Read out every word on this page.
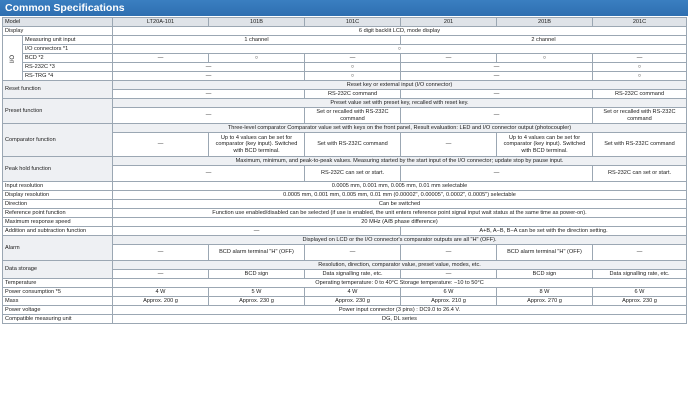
Common Specifications
Model		LT20A-101	101B	101C	201	201B	201C
Display		6 digit backlit LCD, mode display					
I/O	Measuring unit input	1 channel			2 channel		
	I/O connectors *1	○					
	BCD *2	—	○	—	—	○	—
	RS-232C *3	—		○	—		○
	RS-TRG *4	—		○	—		○
Reset function		Reset key or external input (I/O connector)					
		—		RS-232C command	—		RS-232C command
Preset function		Preset value set with preset key, recalled with reset key.					
		—		Set or recalled with RS-232C command	—		Set or recalled with RS-232C command
Comparator function		Three-level comparator Comparator value set with keys on the front panel, Result evaluation: LED and I/O connector output (photocoupler)					
		—	Up to 4 values can be set for comparator (key input). Switched with BCD terminal.	Set with RS-232C command	—	Up to 4 values can be set for comparator (key input). Switched with BCD terminal.	Set with RS-232C command
Peak hold function		Maximum, minimum, and peak-to-peak values. Measuring started by the start input of the I/O connector; update stop by pause input.					
		—		RS-232C can set or start.	—		RS-232C can set or start.
Input resolution		0.0005 mm, 0.001 mm, 0.005 mm, 0.01 mm selectable					
Display resolution		0.0005 mm, 0.001 mm, 0.005 mm, 0.01 mm (0.00002", 0.00005", 0.0002", 0.0005") selectable					
Direction		Can be switched					
Reference point function		Function use enabled/disabled can be selected (if use is enabled, the unit enters reference point signal input wait status at the same time as power-on).					
Maximum response speed		20 MHz (A/B phase difference)					
Addition and subtraction function		—			A+B, A−B, B−A can be set with the direction setting.		
Alarm		Displayed on LCD or the I/O connector's comparator outputs are all "H" (OFF).					
		—	BCD alarm terminal "H" (OFF)	—	—	BCD alarm terminal "H" (OFF)	—
Data storage		Resolution, direction, comparator value, preset value, modes, etc.					
		—	BCD sign	Data signalling rate, etc.	—	BCD sign	Data signalling rate, etc.
Temperature		Operating temperature: 0 to 40°C Storage temperature: −10 to 50°C					
Power consumption *5		4 W	5 W	4 W	6 W	8 W	6 W
Mass		Approx. 200 g	Approx. 230 g	Approx. 230 g	Approx. 210 g	Approx. 270 g	Approx. 230 g
Power voltage		Power input connector (3 pins) : DC9.0 to 26.4 V.					
Compatible measuring unit		DG, DL series					
